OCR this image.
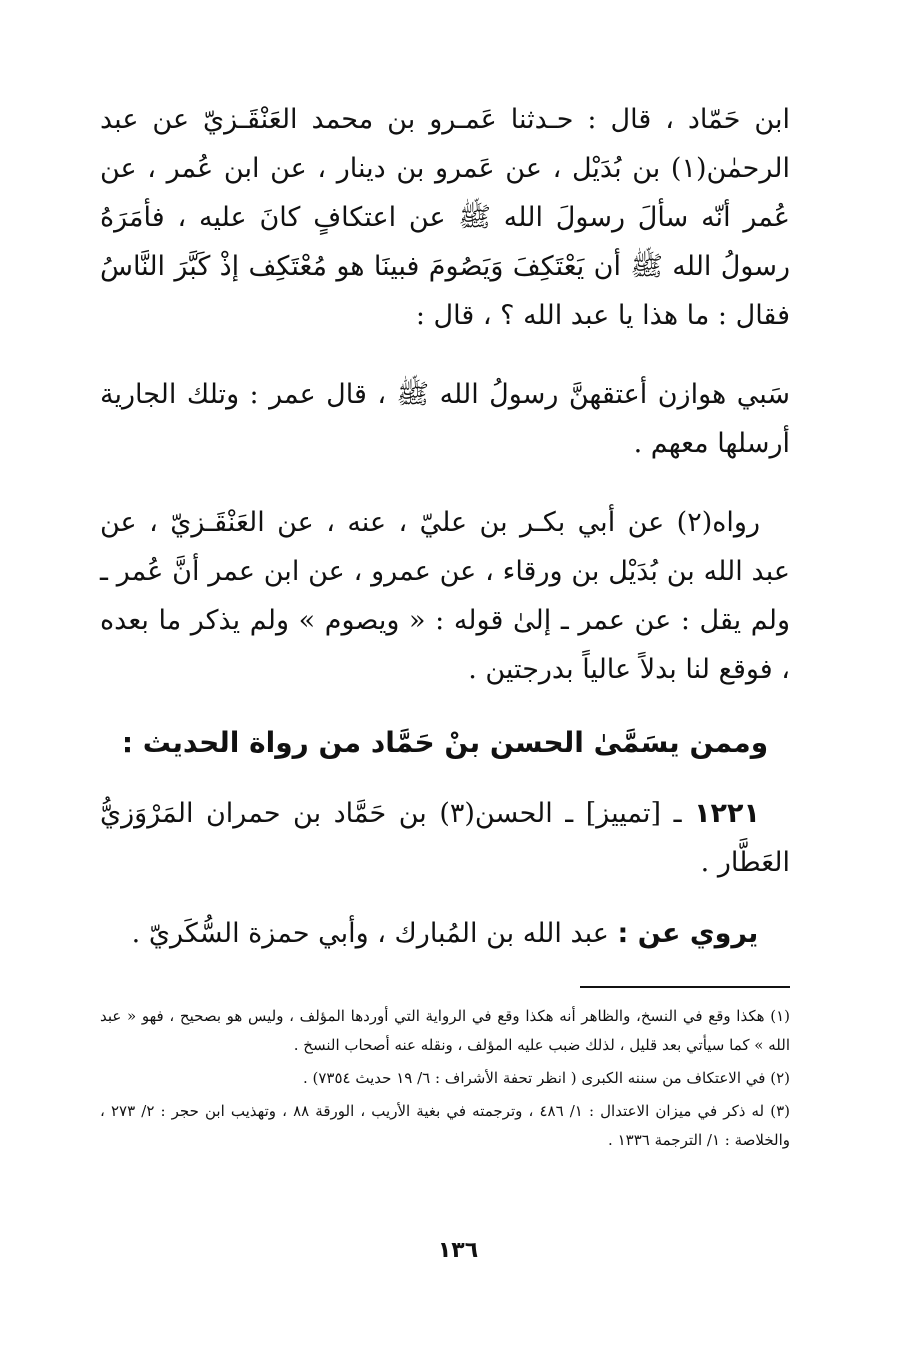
ابن حَمّاد ، قال : حـدثنا عَمـرو بن محمد العَنْقَـزيّ عن عبد الرحمٰن(١) بن بُدَيْل ، عن عَمرو بن دينار ، عن ابن عُمر ، عن عُمر أنّه سألَ رسولَ الله ﷺ عن اعتكافٍ كانَ عليه ، فأمَرَهُ رسولُ الله ﷺ أن يَعْتَكِفَ وَيَصُومَ فبينَا هو مُعْتَكِف إذْ كَبَّرَ النَّاسُ فقال : ما هذا يا عبد الله ؟ ، قال :

سَبي هوازن أعتقهنَّ رسولُ الله ﷺ ، قال عمر : وتلك الجارية أرسلها معهم .

رواه(٢) عن أبي بكـر بن عليّ ، عنه ، عن العَنْقَـزيّ ، عن عبد الله بن بُدَيْل بن ورقاء ، عن عمرو ، عن ابن عمر أنَّ عُمر ـ ولم يقل : عن عمر ـ إلىٰ قوله : « ويصوم » ولم يذكر ما بعده ، فوقع لنا بدلاً عالياً بدرجتين .

وممن يسَمَّىٰ الحسن بنْ حَمَّاد من رواة الحديث :

١٢٢١ ـ [تمييز] ـ الحسن(٣) بن حَمَّاد بن حمران المَرْوَزيُّ العَطَّار .

يروي عن : عبد الله بن المُبارك ، وأبي حمزة السُّكَريّ .

(١) هكذا وقع في النسخ، والظاهر أنه هكذا وقع في الرواية التي أوردها المؤلف ، وليس هو بصحيح ، فهو « عبد الله » كما سيأتي بعد قليل ، لذلك ضبب عليه المؤلف ، ونقله عنه أصحاب النسخ .

(٢) في الاعتكاف من سننه الكبرى ( انظر تحفة الأشراف : ٦/ ١٩ حديث ٧٣٥٤) .

(٣) له ذكر في ميزان الاعتدال : ١/ ٤٨٦ ، وترجمته في بغية الأريب ، الورقة ٨٨ ، وتهذيب ابن حجر : ٢/ ٢٧٣ ، والخلاصة : ١/ الترجمة ١٣٣٦ .

١٣٦
